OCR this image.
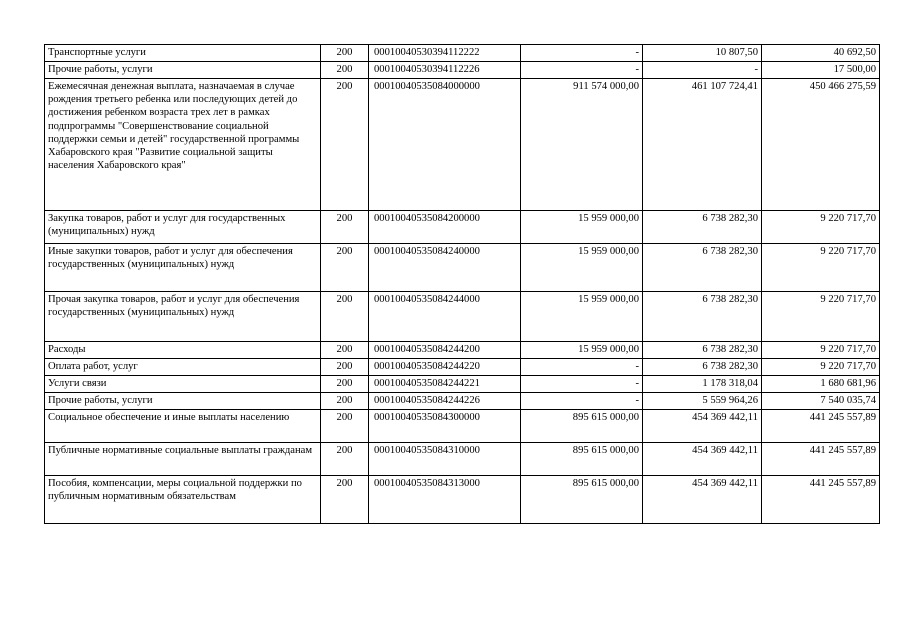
Транспортные услуги	200	00010040530394112222	-	10 807,50	40 692,50
Прочие работы, услуги	200	00010040530394112226	-	-	17 500,00
Ежемесячная денежная выплата, назначаемая в случае рождения третьего ребенка или последующих детей до достижения ребенком возраста трех лет в рамках подпрограммы "Совершенствование социальной поддержки семьи и детей" государственной программы Хабаровского края "Развитие социальной защиты населения Хабаровского края"	200	00010040535084000000	911 574 000,00	461 107 724,41	450 466 275,59
Закупка товаров, работ и услуг для государственных (муниципальных) нужд	200	00010040535084200000	15 959 000,00	6 738 282,30	9 220 717,70
Иные закупки товаров, работ и услуг для обеспечения государственных (муниципальных) нужд	200	00010040535084240000	15 959 000,00	6 738 282,30	9 220 717,70
Прочая закупка товаров, работ и услуг для обеспечения государственных (муниципальных) нужд	200	00010040535084244000	15 959 000,00	6 738 282,30	9 220 717,70
Расходы	200	00010040535084244200	15 959 000,00	6 738 282,30	9 220 717,70
Оплата работ, услуг	200	00010040535084244220	-	6 738 282,30	9 220 717,70
Услуги связи	200	00010040535084244221	-	1 178 318,04	1 680 681,96
Прочие работы, услуги	200	00010040535084244226	-	5 559 964,26	7 540 035,74
Социальное обеспечение и иные выплаты населению	200	00010040535084300000	895 615 000,00	454 369 442,11	441 245 557,89
Публичные нормативные социальные выплаты гражданам	200	00010040535084310000	895 615 000,00	454 369 442,11	441 245 557,89
Пособия, компенсации, меры социальной поддержки по публичным нормативным обязательствам	200	00010040535084313000	895 615 000,00	454 369 442,11	441 245 557,89
